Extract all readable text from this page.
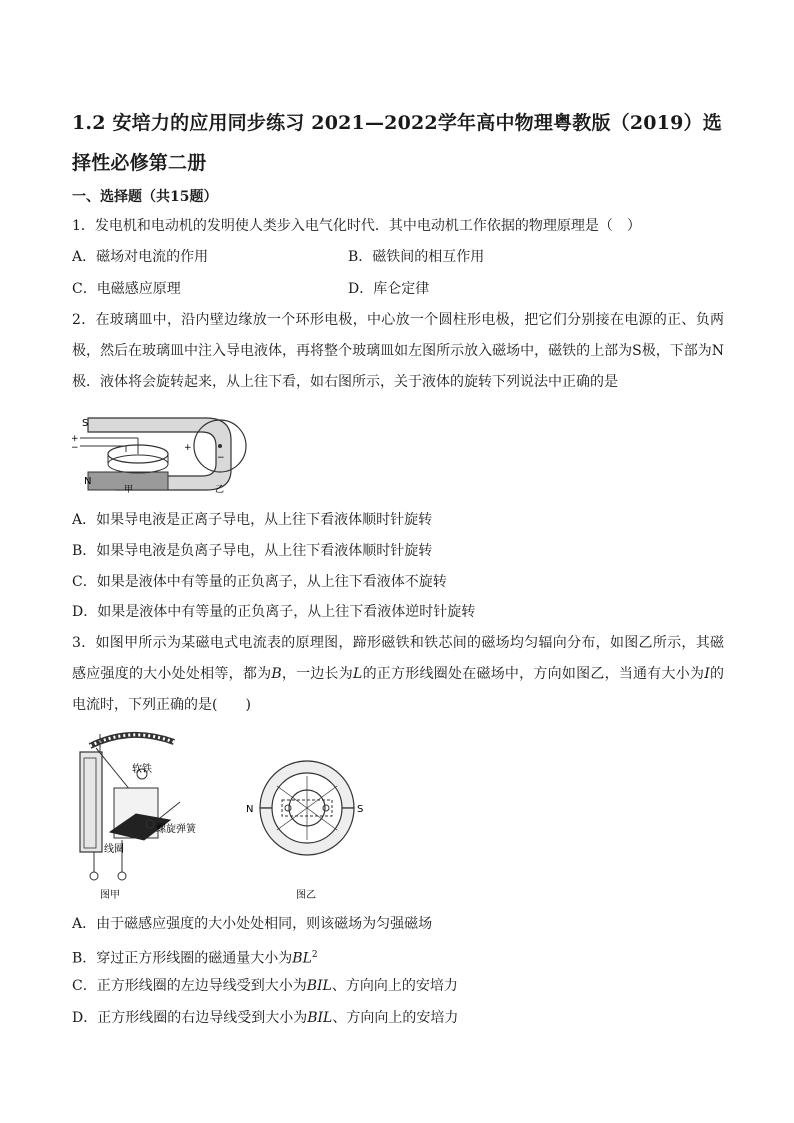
1.2 安培力的应用同步练习 2021—2022学年高中物理粤教版（2019）选择性必修第二册
一、选择题（共15题）
1．发电机和电动机的发明使人类步入电气化时代．其中电动机工作依据的物理原理是（　）
A．磁场对电流的作用	B．磁铁间的相互作用
C．电磁感应原理	D．库仑定律
2．在玻璃皿中，沿内壁边缘放一个环形电极，中心放一个圆柱形电极，把它们分别接在电源的正、负两极，然后在玻璃皿中注入导电液体，再将整个玻璃皿如左图所示放入磁场中，磁铁的上部为S极，下部为N极．液体将会旋转起来，从上往下看，如右图所示，关于液体的旋转下列说法中正确的是
S
+
−
N
甲
+
−
乙
A．如果导电液是正离子导电，从上往下看液体顺时针旋转
B．如果导电液是负离子导电，从上往下看液体顺时针旋转
C．如果是液体中有等量的正负离子，从上往下看液体不旋转
D．如果是液体中有等量的正负离子，从上往下看液体逆时针旋转
3．如图甲所示为某磁电式电流表的原理图，蹄形磁铁和铁芯间的磁场均匀辐向分布，如图乙所示，其磁感应强度的大小处处相等，都为B，一边长为L的正方形线圈处在磁场中，方向如图乙，当通有大小为I的电流时，下列正确的是(　　)
软铁
螺旋弹簧
线圈
图甲
N	S
图乙
A．由于磁感应强度的大小处处相同，则该磁场为匀强磁场
B．穿过正方形线圈的磁通量大小为$BL^2$
C．正方形线圈的左边导线受到大小为BIL、方向向上的安培力
D．正方形线圈的右边导线受到大小为BIL、方向向上的安培力
